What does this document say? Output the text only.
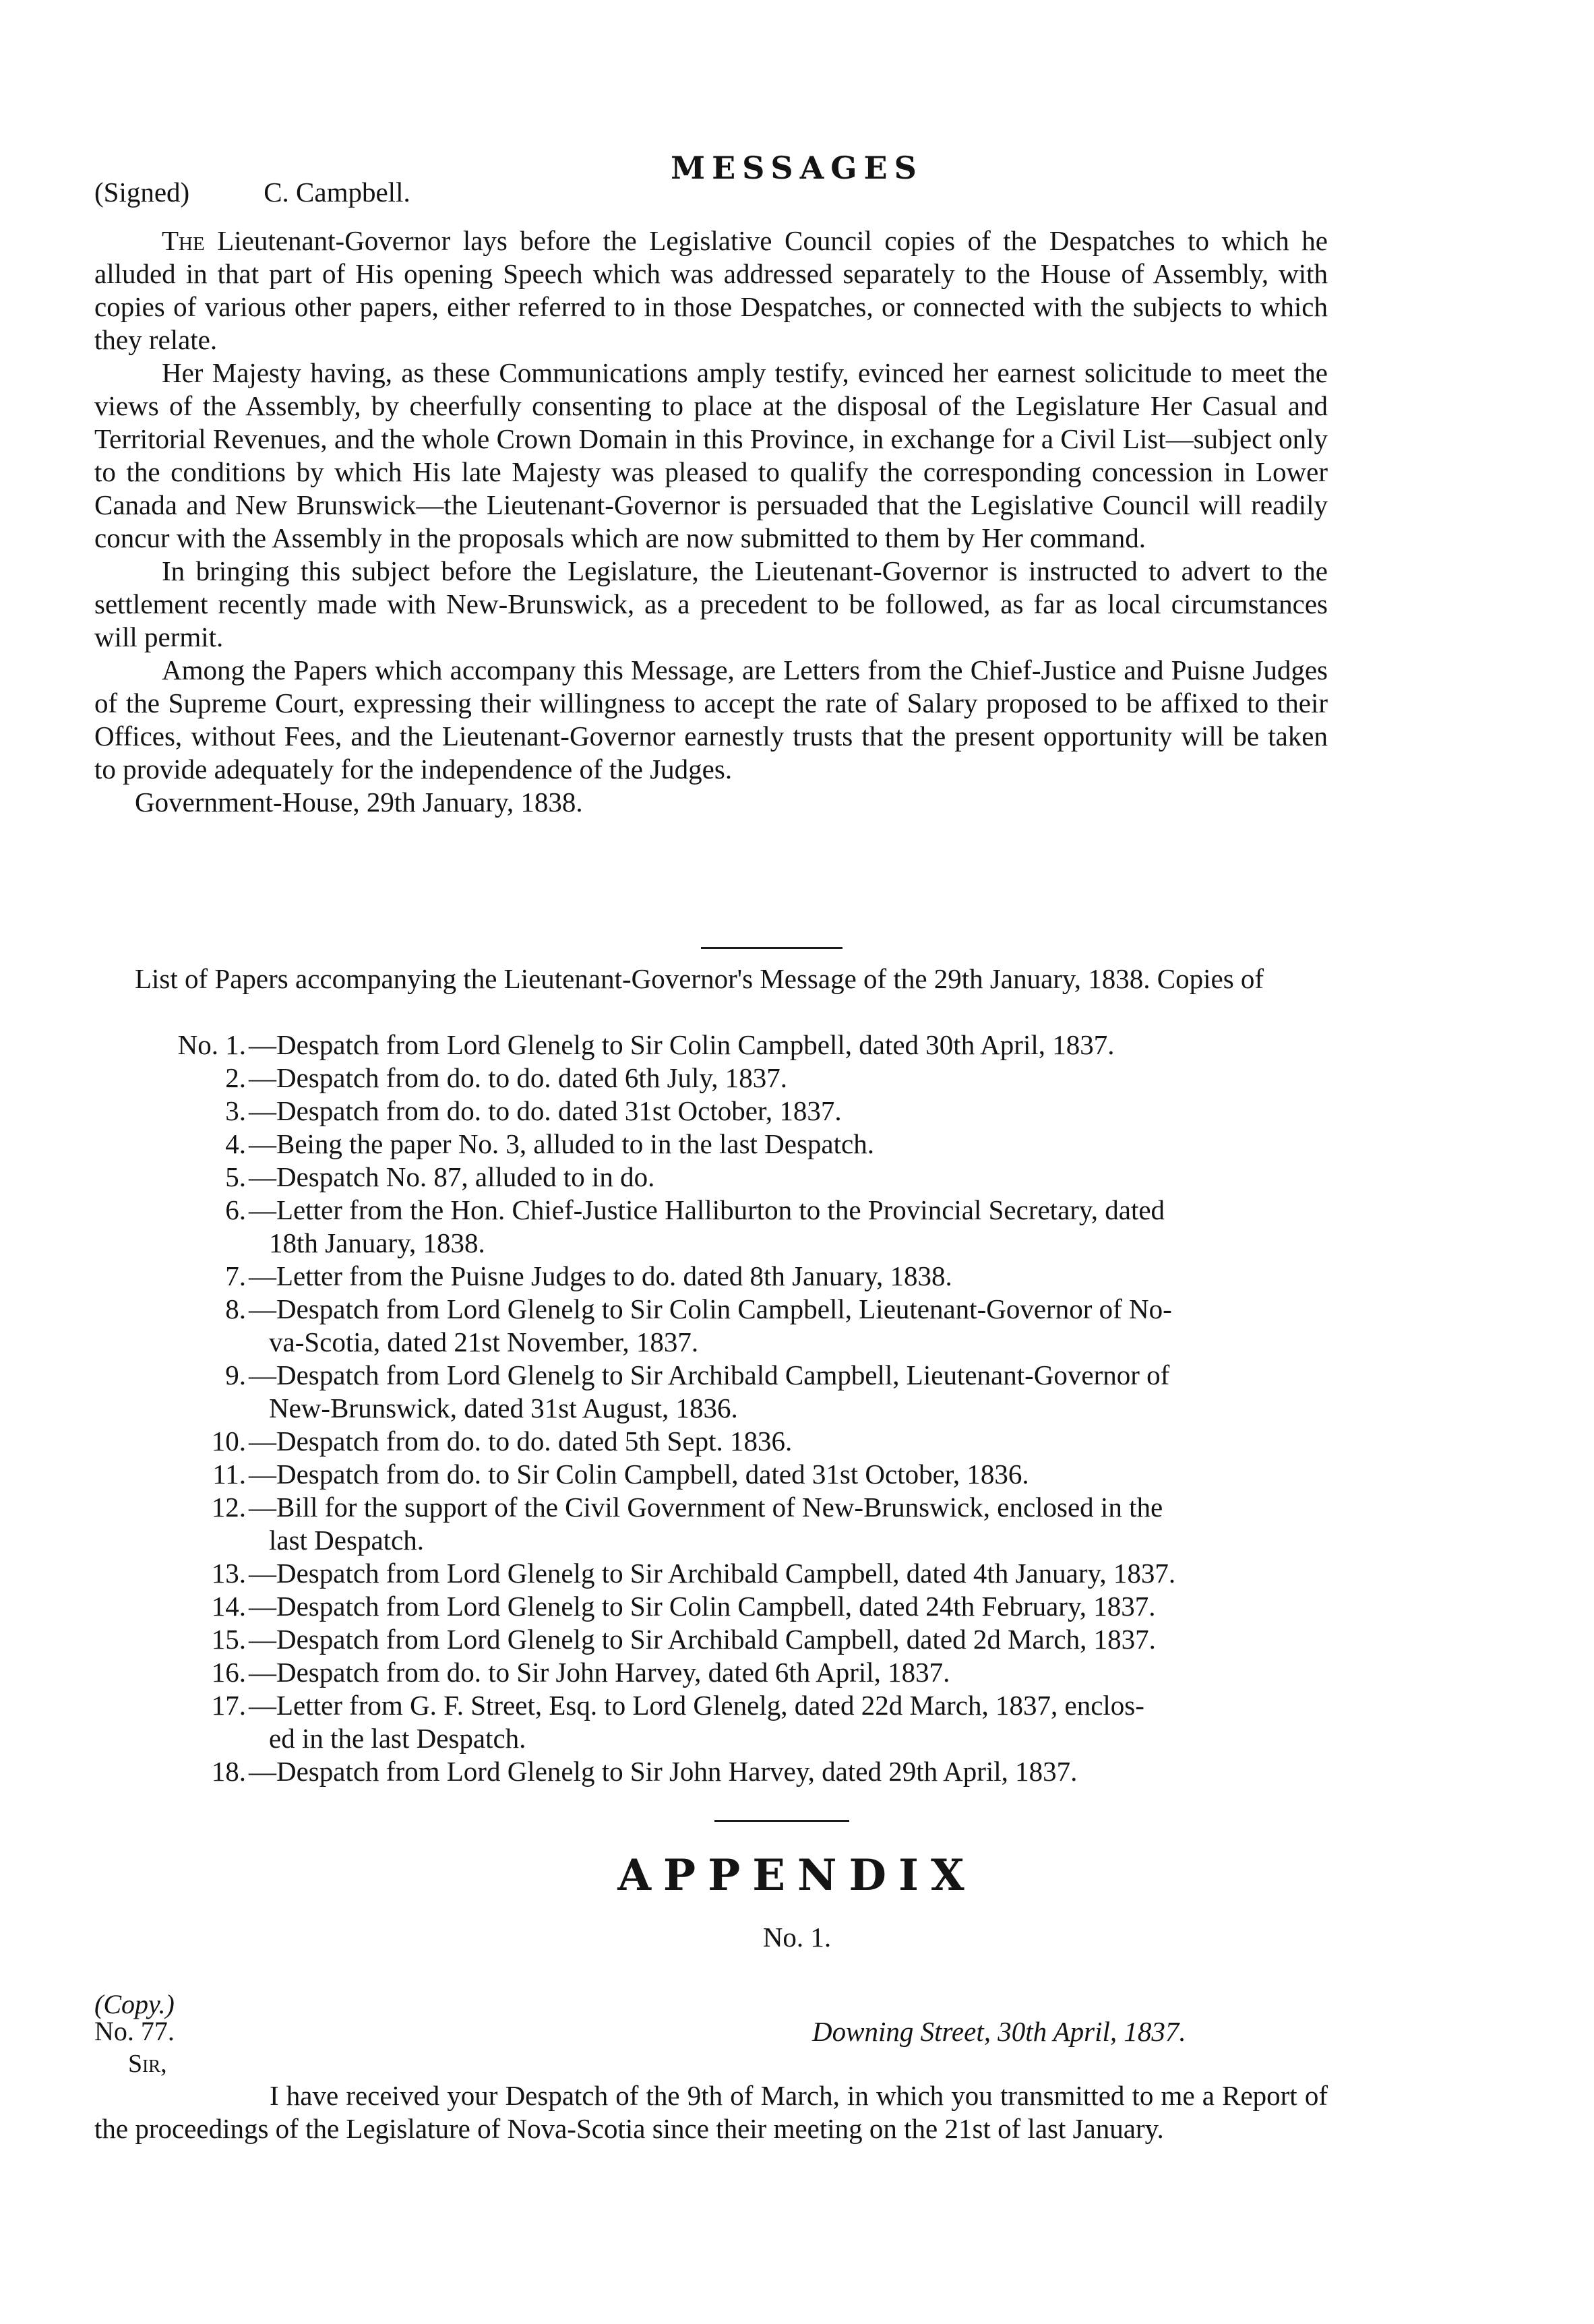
MESSAGES
(Signed)	C. Campbell.

The Lieutenant-Governor lays before the Legislative Council copies of the Despatches to which he alluded in that part of His opening Speech which was addressed separately to the House of Assembly, with copies of various other papers, either referred to in those Despatches, or connected with the subjects to which they relate.

Her Majesty having, as these Communications amply testify, evinced her earnest solicitude to meet the views of the Assembly, by cheerfully consenting to place at the disposal of the Legislature Her Casual and Territorial Revenues, and the whole Crown Domain in this Province, in exchange for a Civil List—subject only to the conditions by which His late Majesty was pleased to qualify the corresponding concession in Lower Canada and New Brunswick—the Lieutenant-Governor is persuaded that the Legislative Council will readily concur with the Assembly in the proposals which are now submitted to them by Her command.

In bringing this subject before the Legislature, the Lieutenant-Governor is instructed to advert to the settlement recently made with New-Brunswick, as a precedent to be followed, as far as local circumstances will permit.

Among the Papers which accompany this Message, are Letters from the Chief-Justice and Puisne Judges of the Supreme Court, expressing their willingness to accept the rate of Salary proposed to be affixed to their Offices, without Fees, and the Lieutenant-Governor earnestly trusts that the present opportunity will be taken to provide adequately for the independence of the Judges.

Government-House, 29th January, 1838.

List of Papers accompanying the Lieutenant-Governor's Message of the 29th January, 1838. Copies of

No. 1. —Despatch from Lord Glenelg to Sir Colin Campbell, dated 30th April, 1837.
2. —Despatch from do. to do. dated 6th July, 1837.
3. —Despatch from do. to do. dated 31st October, 1837.
4. —Being the paper No. 3, alluded to in the last Despatch.
5. —Despatch No. 87, alluded to in do.
6. —Letter from the Hon. Chief-Justice Halliburton to the Provincial Secretary, dated
18th January, 1838.
7. —Letter from the Puisne Judges to do. dated 8th January, 1838.
8. —Despatch from Lord Glenelg to Sir Colin Campbell, Lieutenant-Governor of No-
va-Scotia, dated 21st November, 1837.
9. —Despatch from Lord Glenelg to Sir Archibald Campbell, Lieutenant-Governor of
New-Brunswick, dated 31st August, 1836.
10. —Despatch from do. to do. dated 5th Sept. 1836.
11. —Despatch from do. to Sir Colin Campbell, dated 31st October, 1836.
12. —Bill for the support of the Civil Government of New-Brunswick, enclosed in the
last Despatch.
13. —Despatch from Lord Glenelg to Sir Archibald Campbell, dated 4th January, 1837.
14. —Despatch from Lord Glenelg to Sir Colin Campbell, dated 24th February, 1837.
15. —Despatch from Lord Glenelg to Sir Archibald Campbell, dated 2d March, 1837.
16. —Despatch from do. to Sir John Harvey, dated 6th April, 1837.
17. —Letter from G. F. Street, Esq. to Lord Glenelg, dated 22d March, 1837, enclos-
ed in the last Despatch.
18. —Despatch from Lord Glenelg to Sir John Harvey, dated 29th April, 1837.
APPENDIX
No. 1.
(Copy.)
No. 77.	Downing Street, 30th April, 1837.
Sir,

I have received your Despatch of the 9th of March, in which you transmitted to me a Report of the proceedings of the Legislature of Nova-Scotia since their meeting on the 21st of last January.
